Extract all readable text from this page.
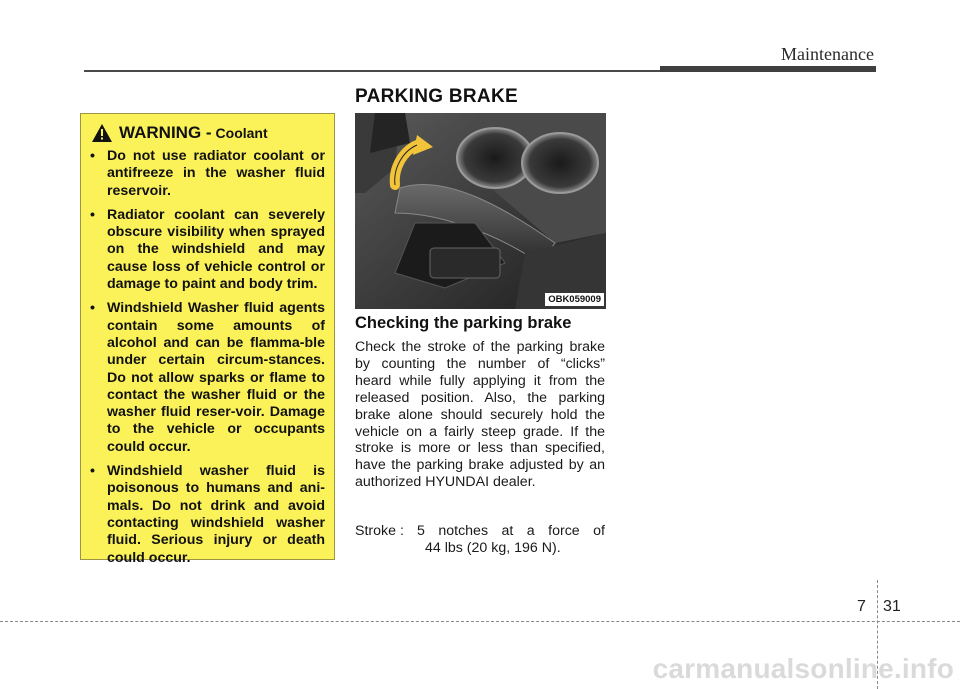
Maintenance
PARKING BRAKE
WARNING - Coolant
• Do not use radiator coolant or antifreeze in the washer fluid reservoir.
• Radiator coolant can severely obscure visibility when sprayed on the windshield and may cause loss of vehicle control or damage to paint and body trim.
• Windshield Washer fluid agents contain some amounts of alcohol and can be flamma-ble under certain circum-stances. Do not allow sparks or flame to contact the washer fluid or the washer fluid reser-voir. Damage to the vehicle or occupants could occur.
• Windshield washer fluid is poisonous to humans and ani-mals. Do not drink and avoid contacting windshield washer fluid. Serious injury or death could occur.
OBK059009
Checking the parking brake

Check the stroke of the parking brake by counting the number of “clicks” heard while fully applying it from the released position. Also, the parking brake alone should securely hold the vehicle on a fairly steep grade. If the stroke is more or less than specified, have the parking brake adjusted by an authorized HYUNDAI dealer.

Stroke : 5 notches at a force of
44 lbs (20 kg, 196 N).
7 31
carmanualsonline.info
